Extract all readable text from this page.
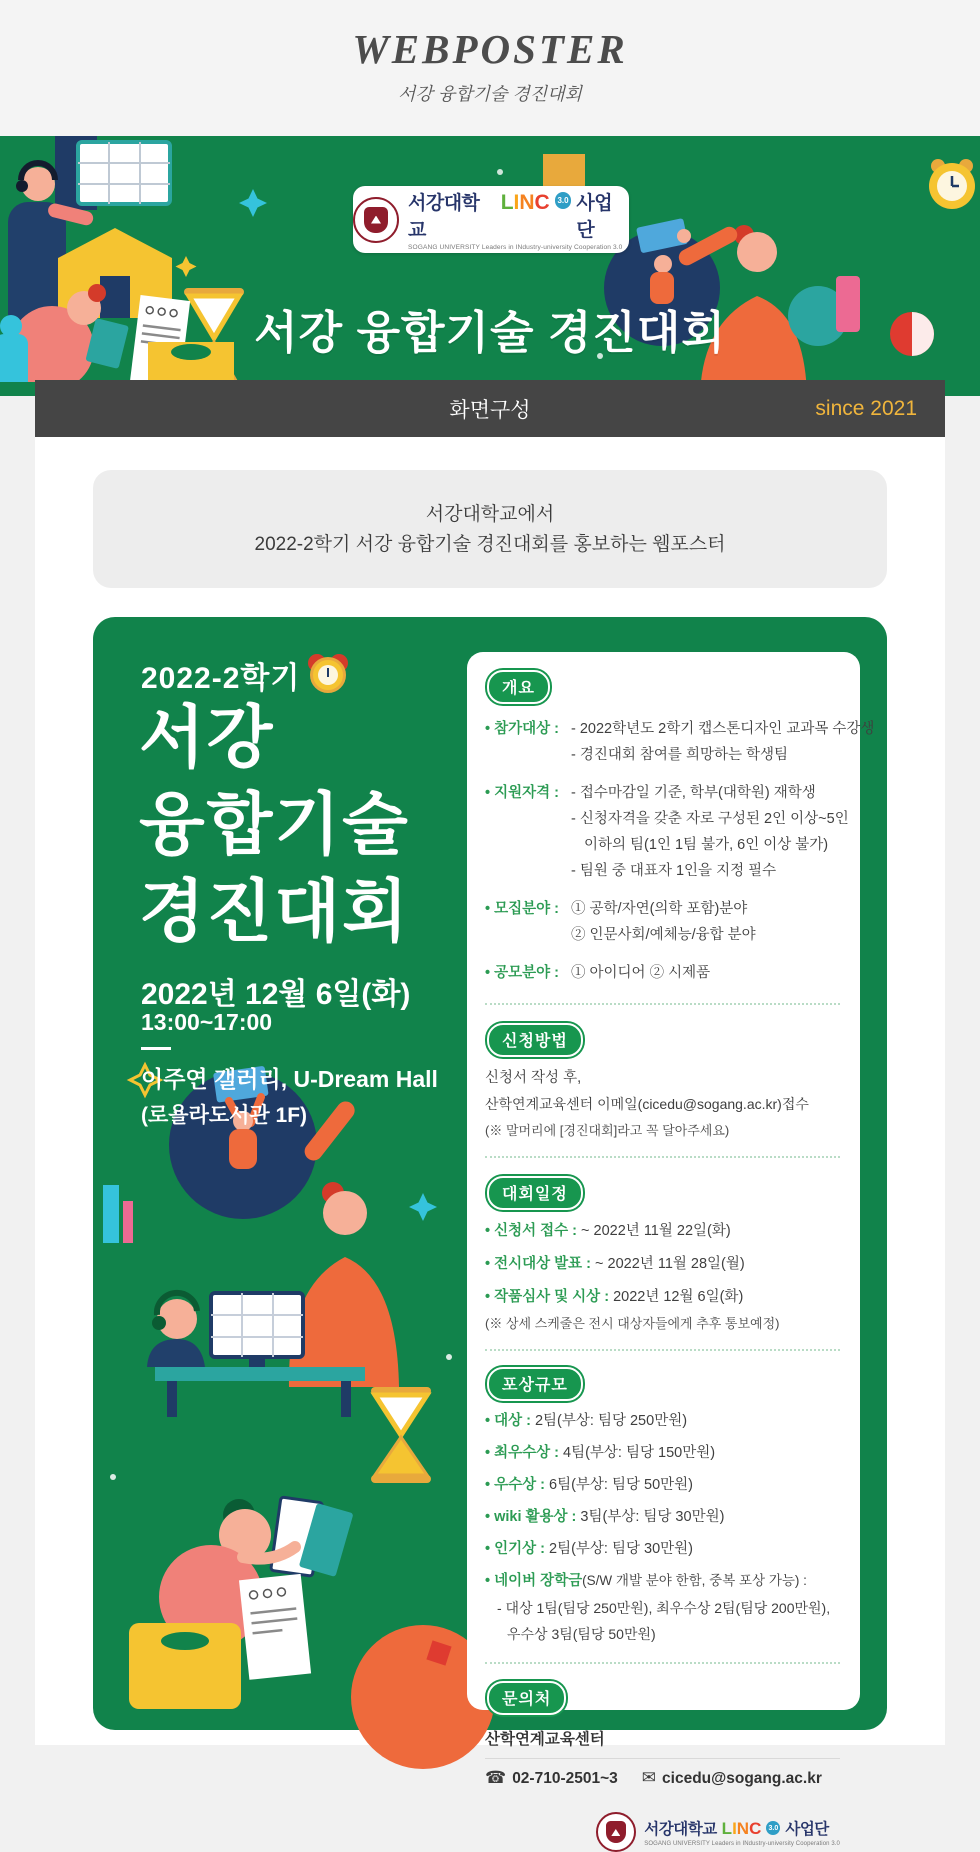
WEBPOSTER
서강 융합기술 경진대회
서강대학교
LINC 3.0 사업단
SOGANG UNIVERSITY Leaders in INdustry-university Cooperation 3.0
서강 융합기술 경진대회
화면구성	since 2021
서강대학교에서
2022-2학기 서강 융합기술 경진대회를 홍보하는 웹포스터
2022-2학기
서강
융합기술
경진대회
2022년 12월 6일(화)
13:00~17:00
이주연 갤러리, U-Dream Hall
(로욜라도서관 1F)
개요
• 참가대상 : - 2022학년도 2학기 캡스톤디자인 교과목 수강생
- 경진대회 참여를 희망하는 학생팀
• 지원자격 : - 접수마감일 기준, 학부(대학원) 재학생
- 신청자격을 갖춘 자로 구성된 2인 이상~5인
이하의 팀(1인 1팀 불가, 6인 이상 불가)
- 팀원 중 대표자 1인을 지정 필수
• 모집분야 : ① 공학/자연(의학 포함)분야
② 인문사회/예체능/융합 분야
• 공모분야 : ① 아이디어 ② 시제품
신청방법
신청서 작성 후,
산학연계교육센터 이메일(cicedu@sogang.ac.kr)접수
(※ 말머리에 [경진대회]라고 꼭 달아주세요)
대회일정
• 신청서 접수 : ~ 2022년 11월 22일(화)
• 전시대상 발표 : ~ 2022년 11월 28일(월)
• 작품심사 및 시상 : 2022년 12월 6일(화)
(※ 상세 스케줄은 전시 대상자들에게 추후 통보예정)
포상규모
• 대상 : 2팀(부상: 팀당 250만원)
• 최우수상 : 4팀(부상: 팀당 150만원)
• 우수상 : 6팀(부상: 팀당 50만원)
• wiki 활용상 : 3팀(부상: 팀당 30만원)
• 인기상 : 2팀(부상: 팀당 30만원)
• 네이버 장학금(S/W 개발 분야 한함, 중복 포상 가능) :
- 대상 1팀(팀당 250만원), 최우수상 2팀(팀당 200만원),
우수상 3팀(팀당 50만원)
문의처
산학연계교육센터
☎ 02-710-2501~3 ✉ cicedu@sogang.ac.kr
서강대학교 LINC 3.0 사업단
SOGANG UNIVERSITY Leaders in INdustry-university Cooperation 3.0
